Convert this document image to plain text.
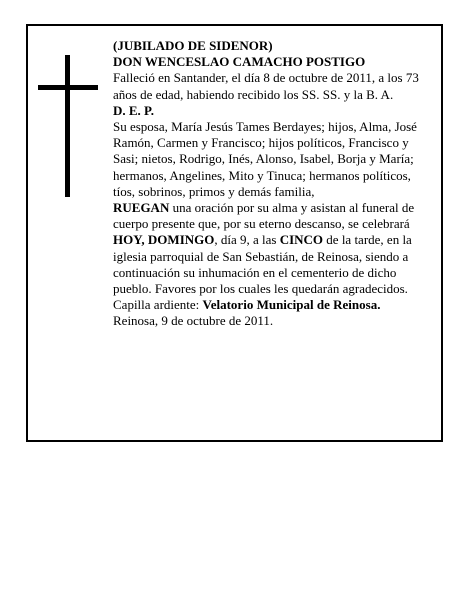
(JUBILADO DE SIDENOR)

DON WENCESLAO CAMACHO POSTIGO

Falleció en Santander, el día 8 de octubre de 2011, a los 73 años de edad, habiendo recibido los SS. SS. y la B. A.

D. E. P.

Su esposa, María Jesús Tames Berdayes; hijos, Alma, José Ramón, Carmen y Francisco; hijos políticos, Francisco y Sasi; nietos, Rodrigo, Inés, Alonso, Isabel, Borja y María; hermanos, Angelines, Mito y Tinuca; hermanos políticos, tíos, sobrinos, primos y demás familia,

RUEGAN una oración por su alma y asistan al funeral de cuerpo presente que, por su eterno descanso, se celebrará HOY, DOMINGO, día 9, a las CINCO de la tarde, en la iglesia parroquial de San Sebastián, de Reinosa, siendo a continuación su inhumación en el cementerio de dicho pueblo. Favores por los cuales les quedarán agradecidos. Capilla ardiente: Velatorio Municipal de Reinosa.

Reinosa, 9 de octubre de 2011.
